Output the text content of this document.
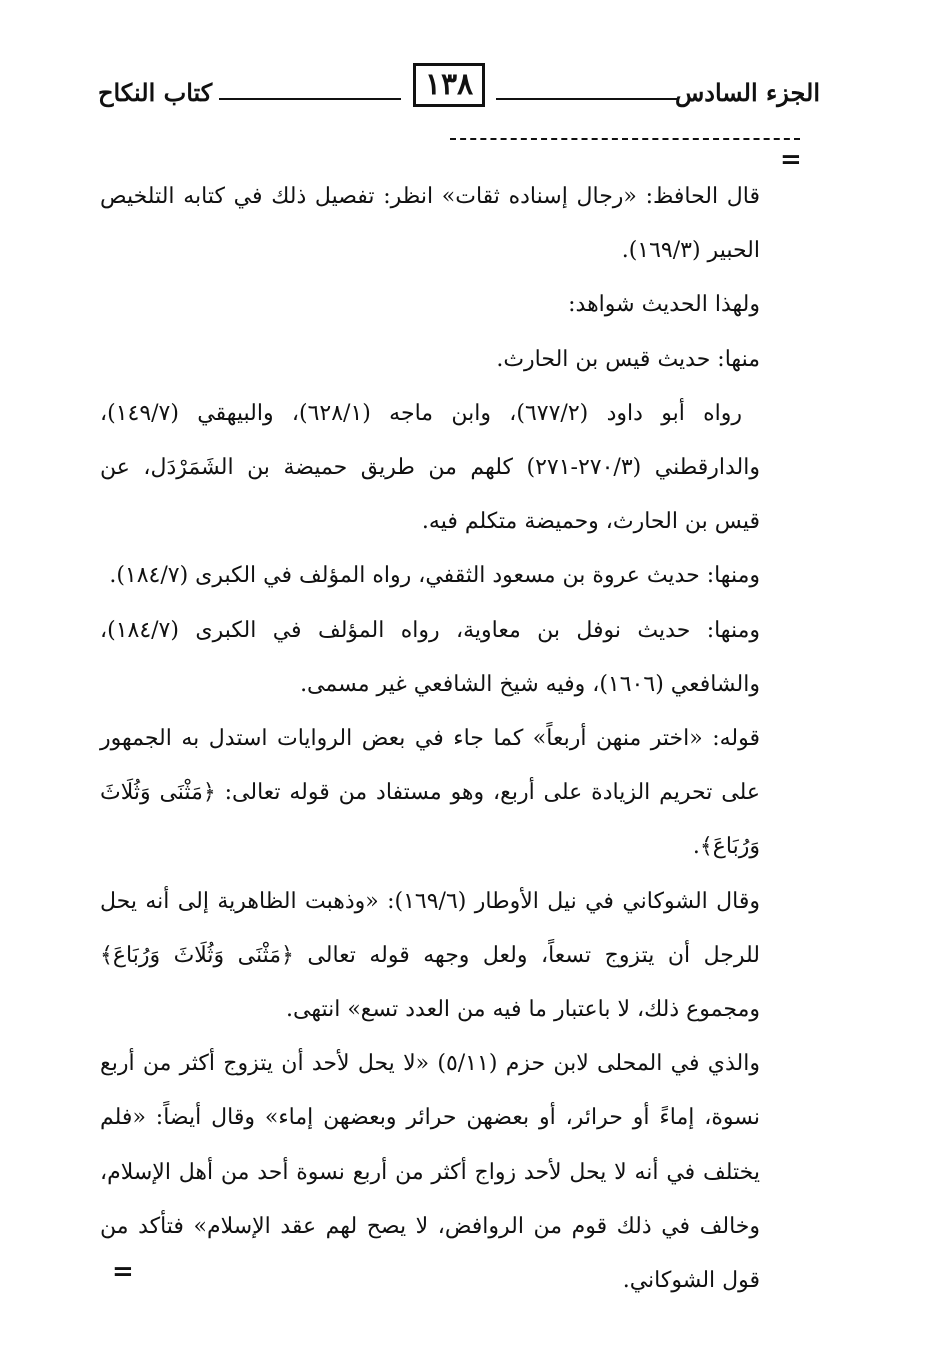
الجزء السادس
١٣٨
كتاب النكاح
=

قال الحافظ: «رجال إسناده ثقات» انظر: تفصيل ذلك في كتابه التلخيص الحبير (١٦٩/٣).

ولهذا الحديث شواهد:

منها: حديث قيس بن الحارث.

رواه أبو داود (٦٧٧/٢)، وابن ماجه (٦٢٨/١)، والبيهقي (١٤٩/٧)، والدارقطني (٢٧٠/٣-٢٧١) كلهم من طريق حميضة بن الشَمَرْدَل، عن قيس بن الحارث، وحميضة متكلم فيه.

ومنها: حديث عروة بن مسعود الثقفي، رواه المؤلف في الكبرى (١٨٤/٧).

ومنها: حديث نوفل بن معاوية، رواه المؤلف في الكبرى (١٨٤/٧)، والشافعي (١٦٠٦)، وفيه شيخ الشافعي غير مسمى.

قوله: «اختر منهن أربعاً» كما جاء في بعض الروايات استدل به الجمهور على تحريم الزيادة على أربع، وهو مستفاد من قوله تعالى: ﴿مَثْنَى وَثُلَاثَ وَرُبَاعَ﴾.

وقال الشوكاني في نيل الأوطار (١٦٩/٦): «وذهبت الظاهرية إلى أنه يحل للرجل أن يتزوج تسعاً، ولعل وجهه قوله تعالى ﴿مَثْنَى وَثُلَاثَ وَرُبَاعَ﴾ ومجموع ذلك، لا باعتبار ما فيه من العدد تسع» انتهى.

والذي في المحلى لابن حزم (٥/١١) «لا يحل لأحد أن يتزوج أكثر من أربع نسوة، إماءً أو حرائر، أو بعضهن حرائر وبعضهن إماء» وقال أيضاً: «فلم يختلف في أنه لا يحل لأحد زواج أكثر من أربع نسوة أحد من أهل الإسلام، وخالف في ذلك قوم من الروافض، لا يصح لهم عقد الإسلام» فتأكد من قول الشوكاني.

=
